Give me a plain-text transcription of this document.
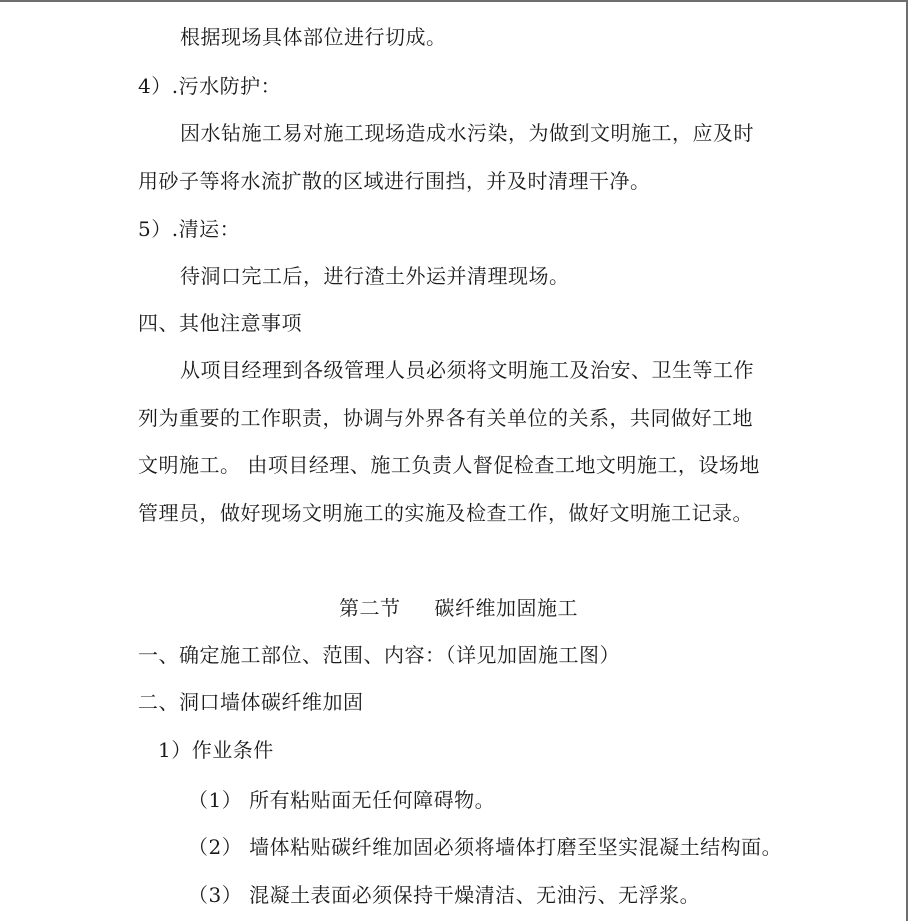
根据现场具体部位进行切成。
4）.污水防护：
因水钻施工易对施工现场造成水污染，为做到文明施工，应及时
用砂子等将水流扩散的区域进行围挡，并及时清理干净。
5）.清运：
待洞口完工后，进行渣土外运并清理现场。
四、其他注意事项
从项目经理到各级管理人员必须将文明施工及治安、卫生等工作
列为重要的工作职责，协调与外界各有关单位的关系，共同做好工地
文明施工。 由项目经理、施工负责人督促检查工地文明施工，设场地
管理员，做好现场文明施工的实施及检查工作，做好文明施工记录。
第二节 碳纤维加固施工
一、确定施工部位、范围、内容：（详见加固施工图）
二、洞口墙体碳纤维加固
1）作业条件
（1） 所有粘贴面无任何障碍物。
（2） 墙体粘贴碳纤维加固必须将墙体打磨至坚实混凝土结构面。
（3） 混凝土表面必须保持干燥清洁、无油污、无浮浆。
